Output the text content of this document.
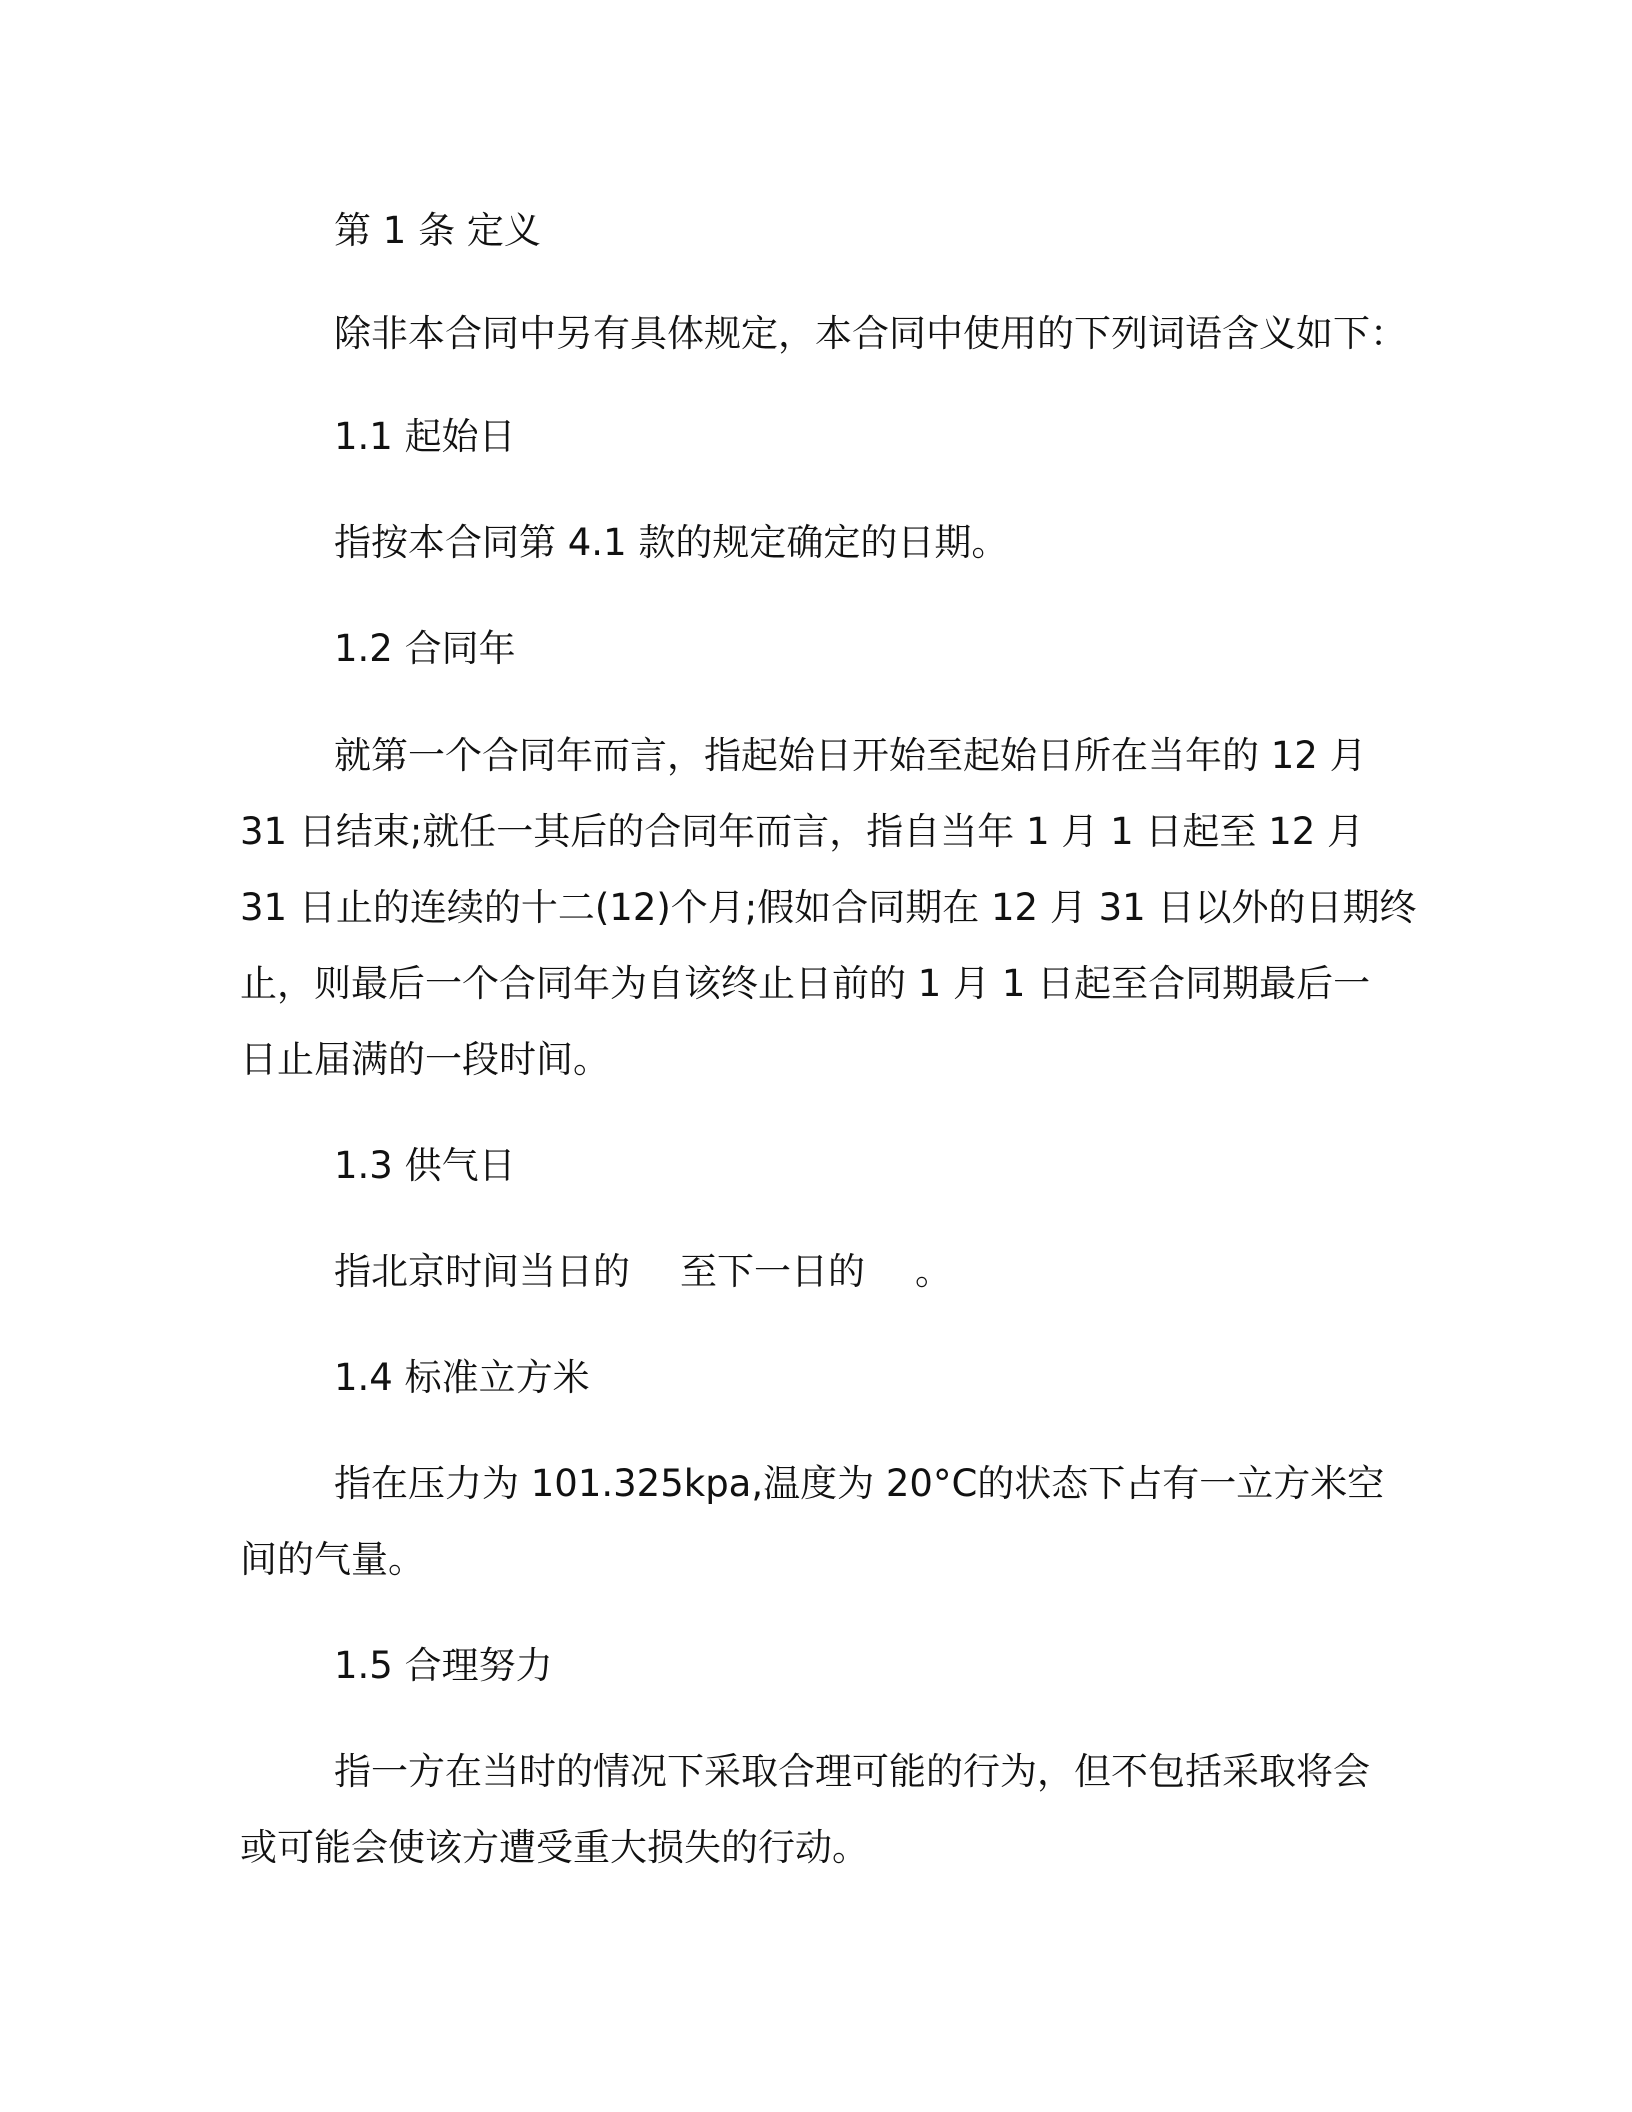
第 1 条 定义

除非本合同中另有具体规定，本合同中使用的下列词语含义如下：

1.1 起始日

指按本合同第 4.1 款的规定确定的日期。

1.2 合同年

就第一个合同年而言，指起始日开始至起始日所在当年的 12 月

31 日结束;就任一其后的合同年而言，指自当年 1 月 1 日起至 12 月

31 日止的连续的十二(12)个月;假如合同期在 12 月 31 日以外的日期终

止，则最后一个合同年为自该终止日前的 1 月 1 日起至合同期最后一

日止届满的一段时间。

1.3 供气日

指北京时间当日的 至下一日的 。

1.4 标准立方米

指在压力为 101.325kpa,温度为 20°C的状态下占有一立方米空

间的气量。

1.5 合理努力

指一方在当时的情况下采取合理可能的行为，但不包括采取将会

或可能会使该方遭受重大损失的行动。
